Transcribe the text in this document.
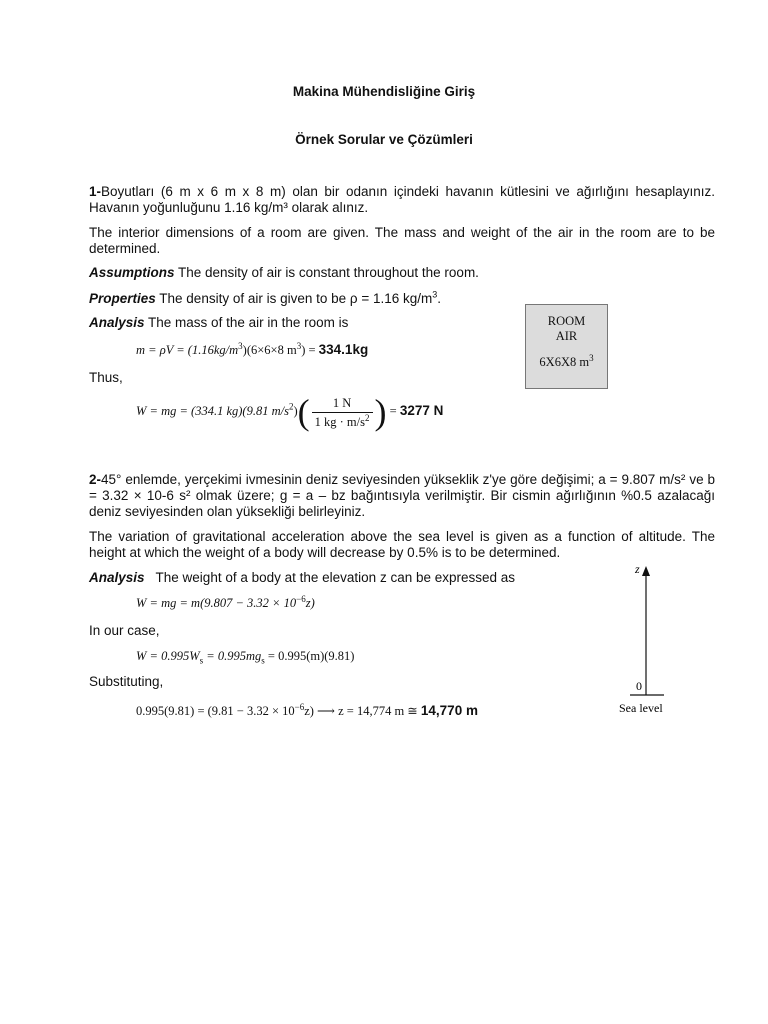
Makina Mühendisliğine Giriş
Örnek Sorular ve Çözümleri
1-Boyutları (6 m x 6 m x 8 m) olan bir odanın içindeki havanın kütlesini ve ağırlığını hesaplayınız. Havanın yoğunluğunu 1.16 kg/m³ olarak alınız.
The interior dimensions of a room are given. The mass and weight of the air in the room are to be determined.
Assumptions The density of air is constant throughout the room.
Properties The density of air is given to be ρ = 1.16 $kg/m^3$.
Analysis The mass of the air in the room is
$m = \rho V = (1.16kg/m^3)(6\times 6\times 8$ $m^3) = 334.1kg$
Thus,
W = mg = (334.1 kg)(9.81 $m/s^2)( \frac{1 N}{1 kg \cdot m/s^2}$ ) = 3277 N
ROOM
AIR
6X6X8 $m^3$
2-45° enlemde, yerçekimi ivmesinin deniz seviyesinden yükseklik z'ye göre değişimi; a = 9.807 m/s² ve b = 3.32 × 10-6 s² olmak üzere; g = a – bz bağıntısıyla verilmiştir. Bir cismin ağırlığının %0.5 azalacağı deniz seviyesinden olan yüksekliği belirleyiniz.
The variation of gravitational acceleration above the sea level is given as a function of altitude. The height at which the weight of a body will decrease by 0.5% is to be determined.
Analysis   The weight of a body at the elevation z can be expressed as
W = mg = $m(9.807 - 3.32 \times 10^{-6}z)$
In our case,
$W = 0.995W_s = 0.995mg_s = 0.995(m)(9.81)$
Substituting,
$0.995(9.81) = (9.81 - 3.32 \times 10^{-6}z)$ ⟶ z = 14,774 m ≅ 14,770 m
z
0
Sea level
